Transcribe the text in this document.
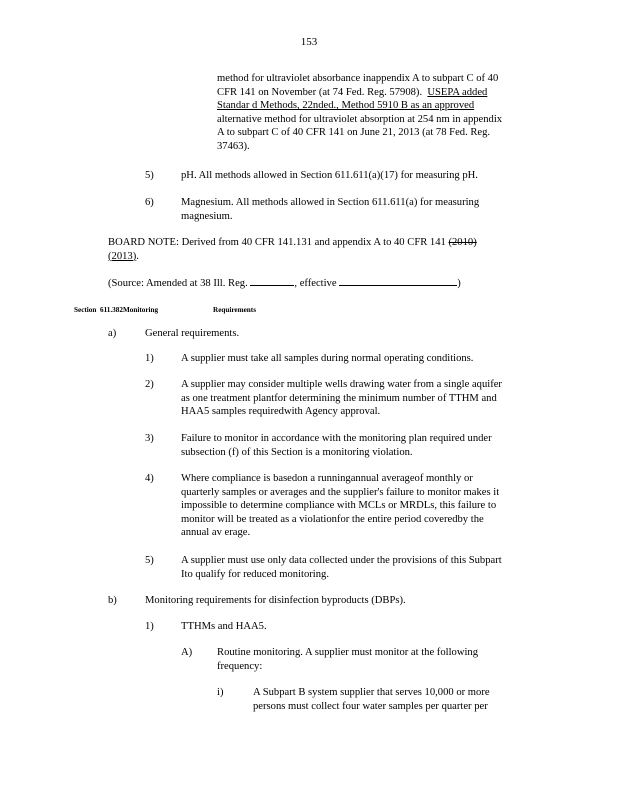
153
method for ultraviolet absorbance inappendix A to subpart C of 40
CFR 141 on November (at 74 Fed. Reg. 57908). USEPA added
Standar d Methods, 22nded., Method 5910 B as an approved
alternative method for ultraviolet absorption at 254 nm in appendix
A to subpart C of 40 CFR 141 on June 21, 2013 (at 78 Fed. Reg.
37463).
5)	pH. All methods allowed in Section 611.611(a)(17) for measuring pH.
6)	Magnesium. All methods allowed in Section 611.611(a) for measuring
magnesium.
BOARD NOTE: Derived from 40 CFR 141.131 and appendix A to 40 CFR 141 (2010)
(2013).
(Source: Amended at 38 Ill. Reg.	, effective	)
Section 611.382Monitoring	Requirements
a)	General requirements.
1)	A supplier must take all samples during normal operating conditions.
2)	A supplier may consider multiple wells drawing water from a single aquifer
as one treatment plantfor determining the minimum number of TTHM and
HAA5 samples requiredwith Agency approval.
3)	Failure to monitor in accordance with the monitoring plan required under
subsection (f) of this Section is a monitoring violation.
4)	Where compliance is basedon a runningannual averageof monthly or
quarterly samples or averages and the supplier's failure to monitor makes it
impossible to determine compliance with MCLs or MRDLs, this failure to
monitor will be treated as a violationfor the entire period coveredby the
annual av erage.
5)	A supplier must use only data collected under the provisions of this Subpart
Ito qualify for reduced monitoring.
b)	Monitoring requirements for disinfection byproducts (DBPs).
1)	TTHMs and HAA5.
A) Routine monitoring. A supplier must monitor at the following
frequency:
i)	A Subpart B system supplier that serves 10,000 or more
persons must collect four water samples per quarter per
